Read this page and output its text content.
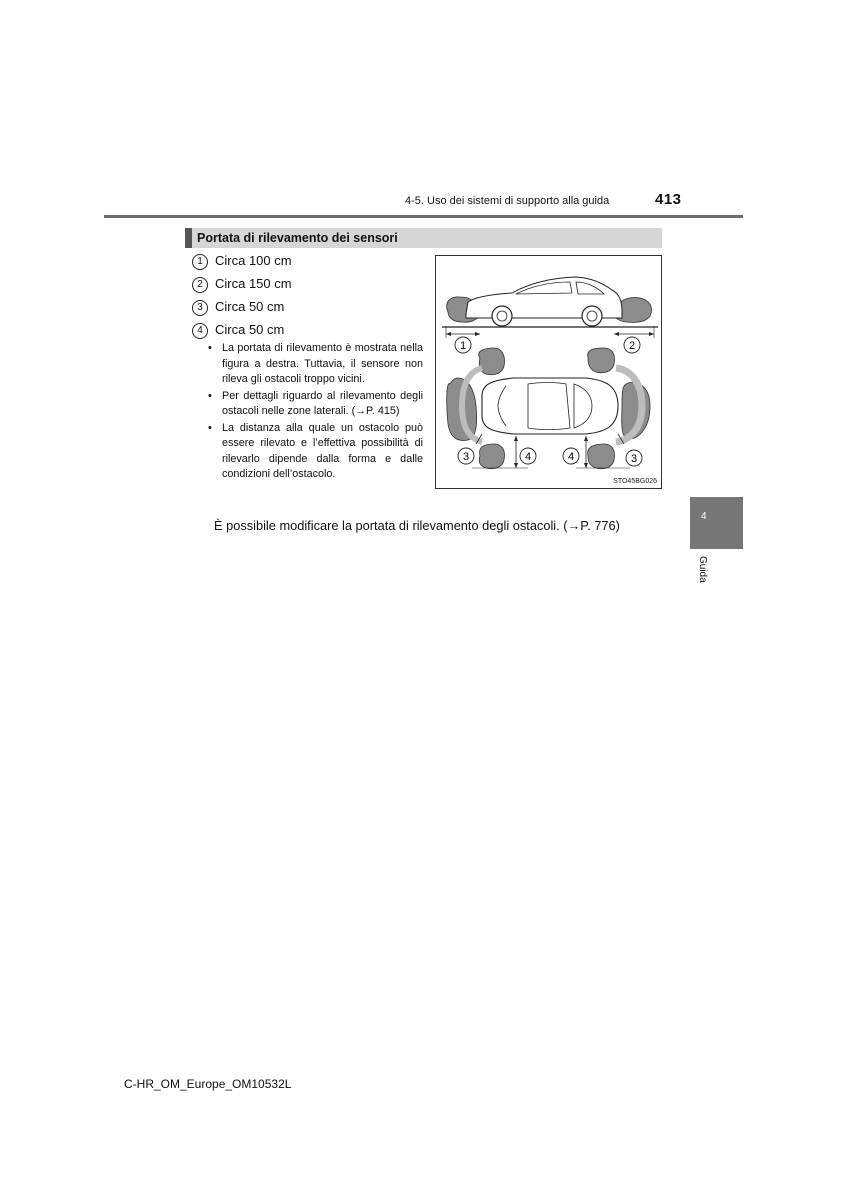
4-5. Uso dei sistemi di supporto alla guida	413
Portata di rilevamento dei sensori
1 Circa 100 cm
2 Circa 150 cm
3 Circa 50 cm
4 Circa 50 cm
• La portata di rilevamento è mostrata nella figura a destra. Tuttavia, il sensore non rileva gli ostacoli troppo vicini.
• Per dettagli riguardo al rilevamento degli ostacoli nelle zone laterali. (→P. 415)
• La distanza alla quale un ostacolo può essere rilevato e l’effettiva possibilità di rilevarlo dipende dalla forma e dalle condizioni dell’ostacolo.
È possibile modificare la portata di rilevamento degli ostacoli. (→P. 776)
1	2
3	4	4	3
STO45BG026
4
Guida
C-HR_OM_Europe_OM10532L
